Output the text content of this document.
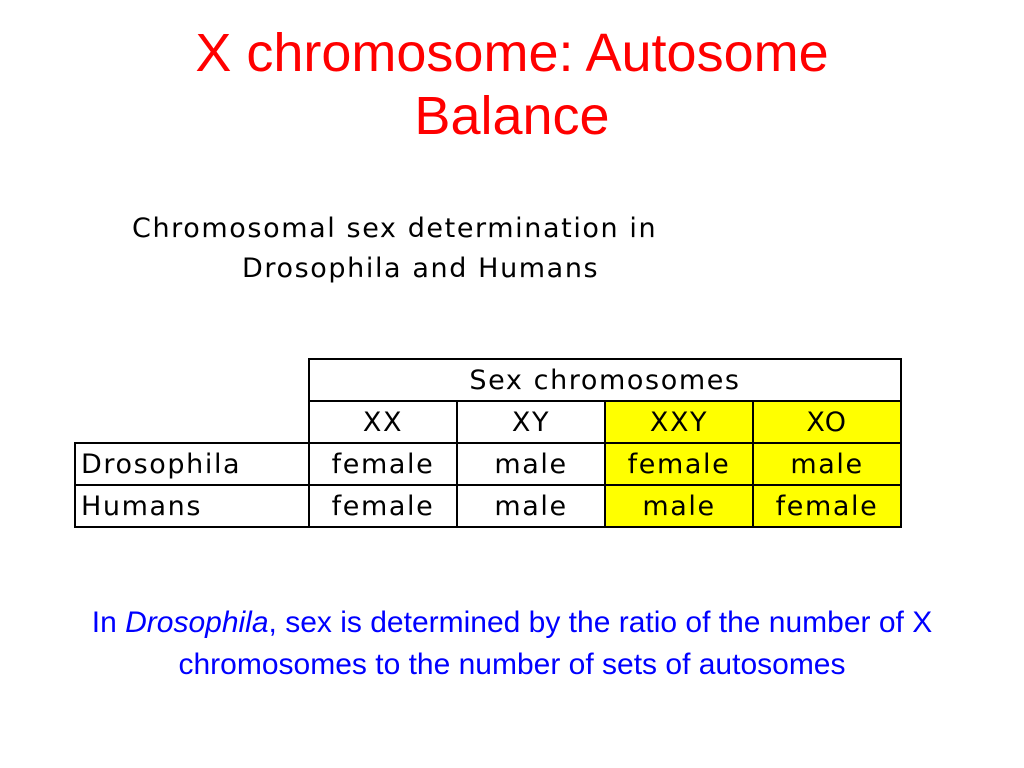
X chromosome: Autosome
Balance
Chromosomal sex determination in
Drosophila and Humans
	Sex chromosomes			
	XX	XY	XXY	XO
Drosophila	female	male	female	male
Humans	female	male	male	female
In Drosophila, sex is determined by the ratio of the number of X chromosomes to the number of sets of autosomes
